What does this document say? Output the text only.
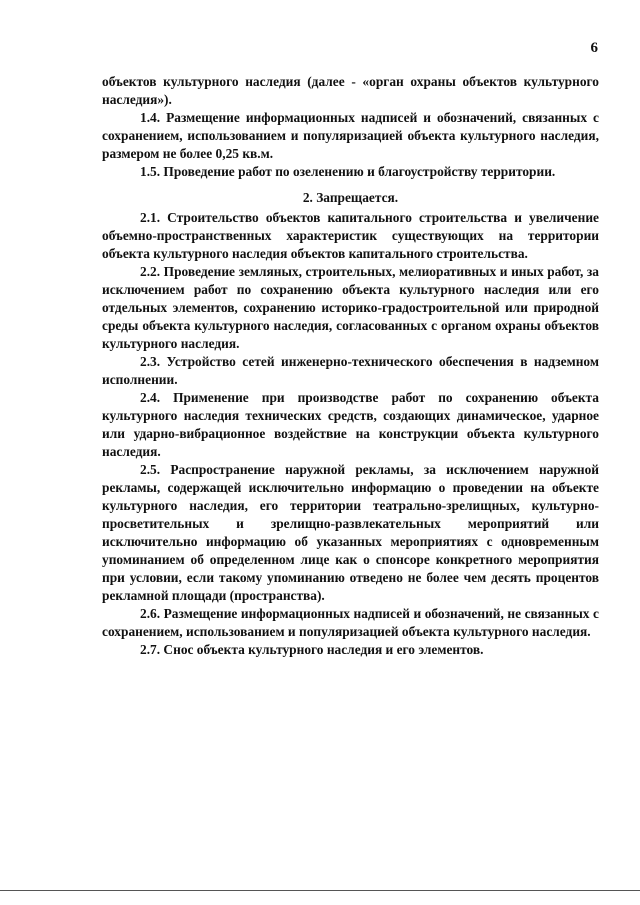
6

объектов культурного наследия (далее - «орган охраны объектов культурного наследия»).

1.4. Размещение информационных надписей и обозначений, связанных с сохранением, использованием и популяризацией объекта культурного наследия, размером не более 0,25 кв.м.

1.5. Проведение работ по озеленению и благоустройству территории.

2. Запрещается.

2.1. Строительство объектов капитального строительства и увеличение объемно-пространственных характеристик существующих на территории объекта культурного наследия объектов капитального строительства.

2.2. Проведение земляных, строительных, мелиоративных и иных работ, за исключением работ по сохранению объекта культурного наследия или его отдельных элементов, сохранению историко-градостроительной или природной среды объекта культурного наследия, согласованных с органом охраны объектов культурного наследия.

2.3. Устройство сетей инженерно-технического обеспечения в надземном исполнении.

2.4. Применение при производстве работ по сохранению объекта культурного наследия технических средств, создающих динамическое, ударное или ударно-вибрационное воздействие на конструкции объекта культурного наследия.

2.5. Распространение наружной рекламы, за исключением наружной рекламы, содержащей исключительно информацию о проведении на объекте культурного наследия, его территории театрально-зрелищных, культурно-просветительных и зрелищно-развлекательных мероприятий или исключительно информацию об указанных мероприятиях с одновременным упоминанием об определенном лице как о спонсоре конкретного мероприятия при условии, если такому упоминанию отведено не более чем десять процентов рекламной площади (пространства).

2.6. Размещение информационных надписей и обозначений, не связанных с сохранением, использованием и популяризацией объекта культурного наследия.

2.7. Снос объекта культурного наследия и его элементов.
